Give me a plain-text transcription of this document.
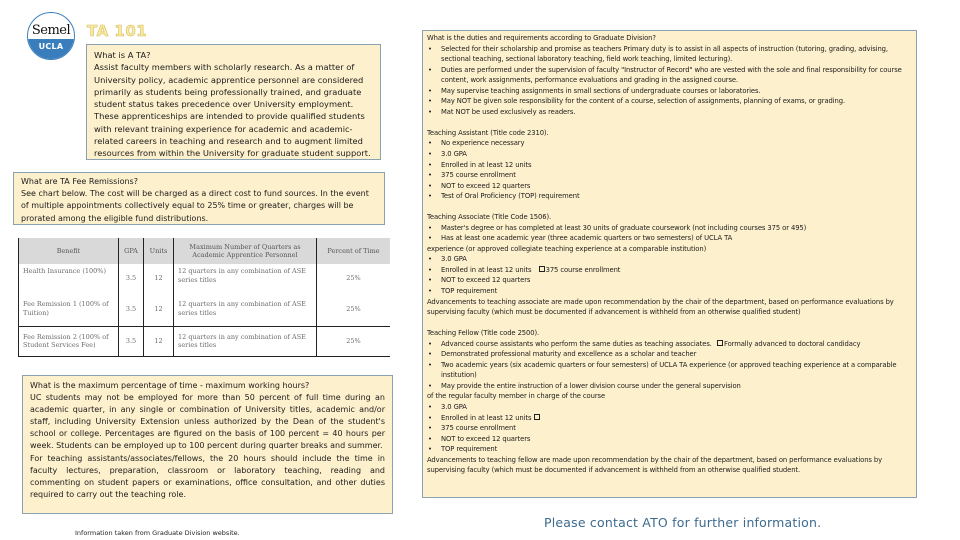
Semel
UCLA
TA 101
What is A TA?
Assist faculty members with scholarly research. As a matter of University policy, academic apprentice personnel are considered primarily as students being professionally trained, and graduate student status takes precedence over University employment. These apprenticeships are intended to provide qualified students with relevant training experience for academic and academic-related careers in teaching and research and to augment limited resources from within the University for graduate student support.
What are TA Fee Remissions?
See chart below. The cost will be charged as a direct cost to fund sources. In the event of multiple appointments collectively equal to 25% time or greater, charges will be prorated among the eligible fund distributions.
Benefit	GPA	Units	Maximum Number of Quarters as Academic Apprentice Personnel	Percent of Time
Health Insurance (100%)	3.5	12	12 quarters in any combination of ASE series titles	25%
Fee Remission 1 (100% of Tuition)	3.5	12	12 quarters in any combination of ASE series titles	25%
Fee Remission 2 (100% of Student Services Fee)	3.5	12	12 quarters in any combination of ASE series titles	25%
What is the maximum percentage of time - maximum working hours?
UC students may not be employed for more than 50 percent of full time during an academic quarter, in any single or combination of University titles, academic and/or staff, including University Extension unless authorized by the Dean of the student's school or college. Percentages are figured on the basis of 100 percent = 40 hours per week. Students can be employed up to 100 percent during quarter breaks and summer.
For teaching assistants/associates/fellows, the 20 hours should include the time in faculty lectures, preparation, classroom or laboratory teaching, reading and commenting on student papers or examinations, office consultation, and other duties required to carry out the teaching role.
Information taken from Graduate Division website.
What is the duties and requirements according to Graduate Division?
• Selected for their scholarship and promise as teachers Primary duty is to assist in all aspects of instruction (tutoring, grading, advising, sectional teaching, sectional laboratory teaching, field work teaching, limited lecturing).
• Duties are performed under the supervision of faculty "Instructor of Record" who are vested with the sole and final responsibility for course content, work assignments, performance evaluations and grading in the assigned course.
• May supervise teaching assignments in small sections of undergraduate courses or laboratories.
• May NOT be given sole responsibility for the content of a course, selection of assignments, planning of exams, or grading.
• Mat NOT be used exclusively as readers.
Teaching Assistant (Title code 2310).
• No experience necessary
• 3.0 GPA
• Enrolled in at least 12 units
• 375 course enrollment
• NOT to exceed 12 quarters
• Test of Oral Proficiency (TOP) requirement
Teaching Associate (Title Code 1506).
• Master's degree or has completed at least 30 units of graduate coursework (not including courses 375 or 495)
• Has at least one academic year (three academic quarters or two semesters) of UCLA TA
experience (or approved collegiate teaching experience at a comparable institution)
• 3.0 GPA
• Enrolled in at least 12 units 375 course enrollment
• NOT to exceed 12 quarters
• TOP requirement
Advancements to teaching associate are made upon recommendation by the chair of the department, based on performance evaluations by supervising faculty (which must be documented if advancement is withheld from an otherwise qualified student)
Teaching Fellow (Title code 2500).
• Advanced course assistants who perform the same duties as teaching associates. Formally advanced to doctoral candidacy
• Demonstrated professional maturity and excellence as a scholar and teacher
• Two academic years (six academic quarters or four semesters) of UCLA TA experience (or approved teaching experience at a comparable institution)
• May provide the entire instruction of a lower division course under the general supervision
of the regular faculty member in charge of the course
• 3.0 GPA
• Enrolled in at least 12 units
• 375 course enrollment
• NOT to exceed 12 quarters
• TOP requirement
Advancements to teaching fellow are made upon recommendation by the chair of the department, based on performance evaluations by supervising faculty (which must be documented if advancement is withheld from an otherwise qualified student.
Please contact ATO for further information.
